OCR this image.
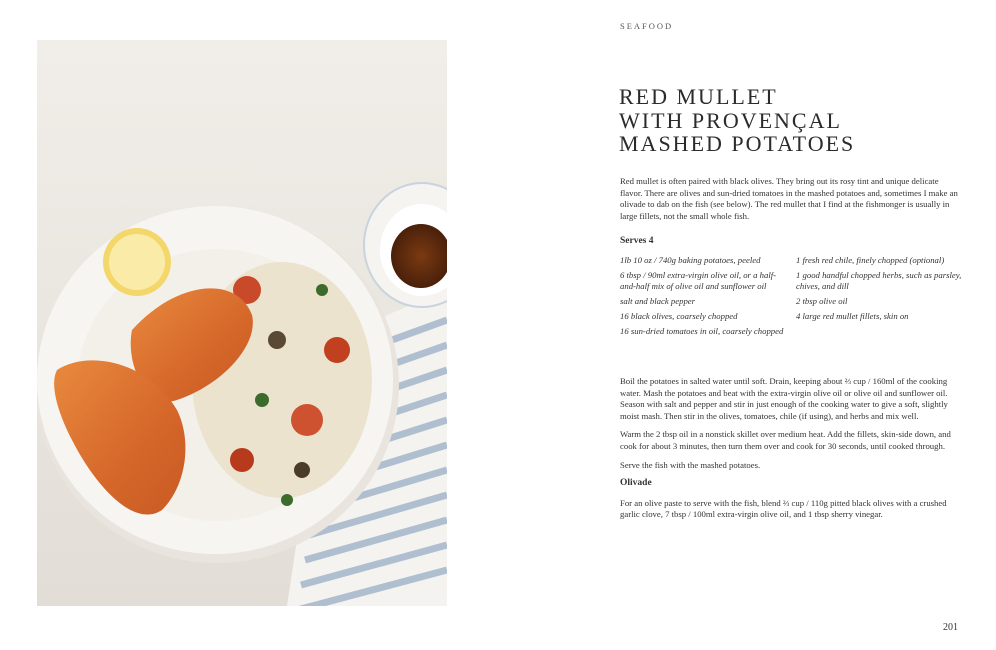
SEAFOOD
RED MULLET
WITH PROVENÇAL
MASHED POTATOES

Red mullet is often paired with black olives. They bring out its rosy tint and unique delicate flavor. There are olives and sun-dried tomatoes in the mashed potatoes and, sometimes I make an olivade to dab on the fish (see below). The red mullet that I find at the fishmonger is usually in large fillets, not the small whole fish.

Serves 4

1lb 10 oz / 740g baking potatoes, peeled
6 tbsp / 90ml extra-virgin olive oil, or a half-and-half mix of olive oil and sunflower oil
salt and black pepper
16 black olives, coarsely chopped
16 sun-dried tomatoes in oil, coarsely chopped
1 fresh red chile, finely chopped (optional)
1 good handful chopped herbs, such as parsley, chives, and dill
2 tbsp olive oil
4 large red mullet fillets, skin on

Boil the potatoes in salted water until soft. Drain, keeping about ⅔ cup / 160ml of the cooking water. Mash the potatoes and beat with the extra-virgin olive oil or olive oil and sunflower oil. Season with salt and pepper and stir in just enough of the cooking water to give a soft, slightly moist mash. Then stir in the olives, tomatoes, chile (if using), and herbs and mix well.

Warm the 2 tbsp oil in a nonstick skillet over medium heat. Add the fillets, skin-side down, and cook for about 3 minutes, then turn them over and cook for 30 seconds, until cooked through.

Serve the fish with the mashed potatoes.

Olivade

For an olive paste to serve with the fish, blend ⅔ cup / 110g pitted black olives with a crushed garlic clove, 7 tbsp / 100ml extra-virgin olive oil, and 1 tbsp sherry vinegar.

201
